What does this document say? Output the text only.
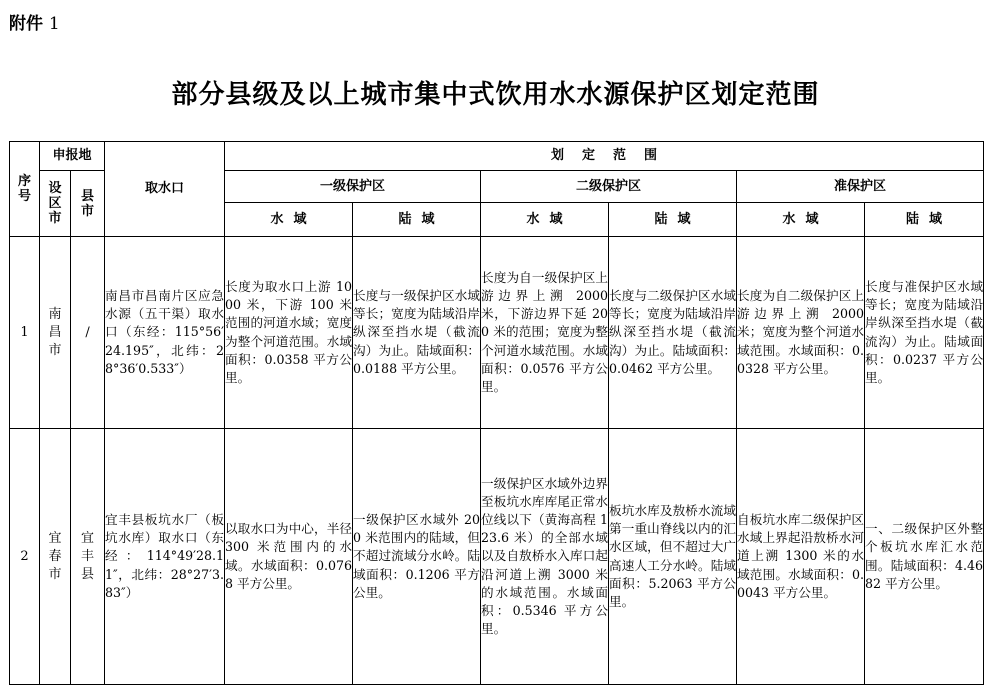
附件 1
部分县级及以上城市集中式饮用水水源保护区划定范围
序号	申报地		取水口	划定范围					

	设区市	县市		一级保护区		二级保护区		准保护区	
				水域	陆域	水域	陆域	水域	陆域
1	南昌市	/	南昌市昌南片区应急水源（五干渠）取水口（东经：115°56′24.195″，北纬：28°36′0.533″）	长度为取水口上游 1000 米，下游 100 米范围的河道水域；宽度为整个河道范围。水域面积：0.0358 平方公里。	长度与一级保护区水域等长；宽度为陆域沿岸纵深至挡水堤（截流沟）为止。陆域面积：0.0188 平方公里。	长度为自一级保护区上游边界上溯 2000 米，下游边界下延 200 米的范围；宽度为整个河道水域范围。水域面积：0.0576 平方公里。	长度与二级保护区水域等长；宽度为陆域沿岸纵深至挡水堤（截流沟）为止。陆域面积：0.0462 平方公里。	长度为自二级保护区上游边界上溯 2000 米；宽度为整个河道水域范围。水域面积：0.0328 平方公里。	长度与准保护区水域等长；宽度为陆域沿岸纵深至挡水堤（截流沟）为止。陆域面积：0.0237 平方公里。
2	宜春市	宜丰县	宜丰县板坑水厂（板坑水库）取水口（东经：114°49′28.11″，北纬：28°27′3.83″）	以取水口为中心，半径 300 米范围内的水域。水域面积：0.0768 平方公里。	一级保护区水域外 200 米范围内的陆域，但不超过流域分水岭。陆域面积：0.1206 平方公里。	一级保护区水域外边界至板坑水库库尾正常水位线以下（黄海高程 123.6 米）的全部水域以及自敖桥水入库口起沿河道上溯 3000 米的水域范围。水域面积：0.5346 平方公里。	板坑水库及敖桥水流域第一重山脊线以内的汇水区域，但不超过大广高速人工分水岭。陆域面积：5.2063 平方公里。	自板坑水库二级保护区水域上界起沿敖桥水河道上溯 1300 米的水域范围。水域面积：0.0043 平方公里。	一、二级保护区外整个板坑水库汇水范围。陆域面积：4.4682 平方公里。
